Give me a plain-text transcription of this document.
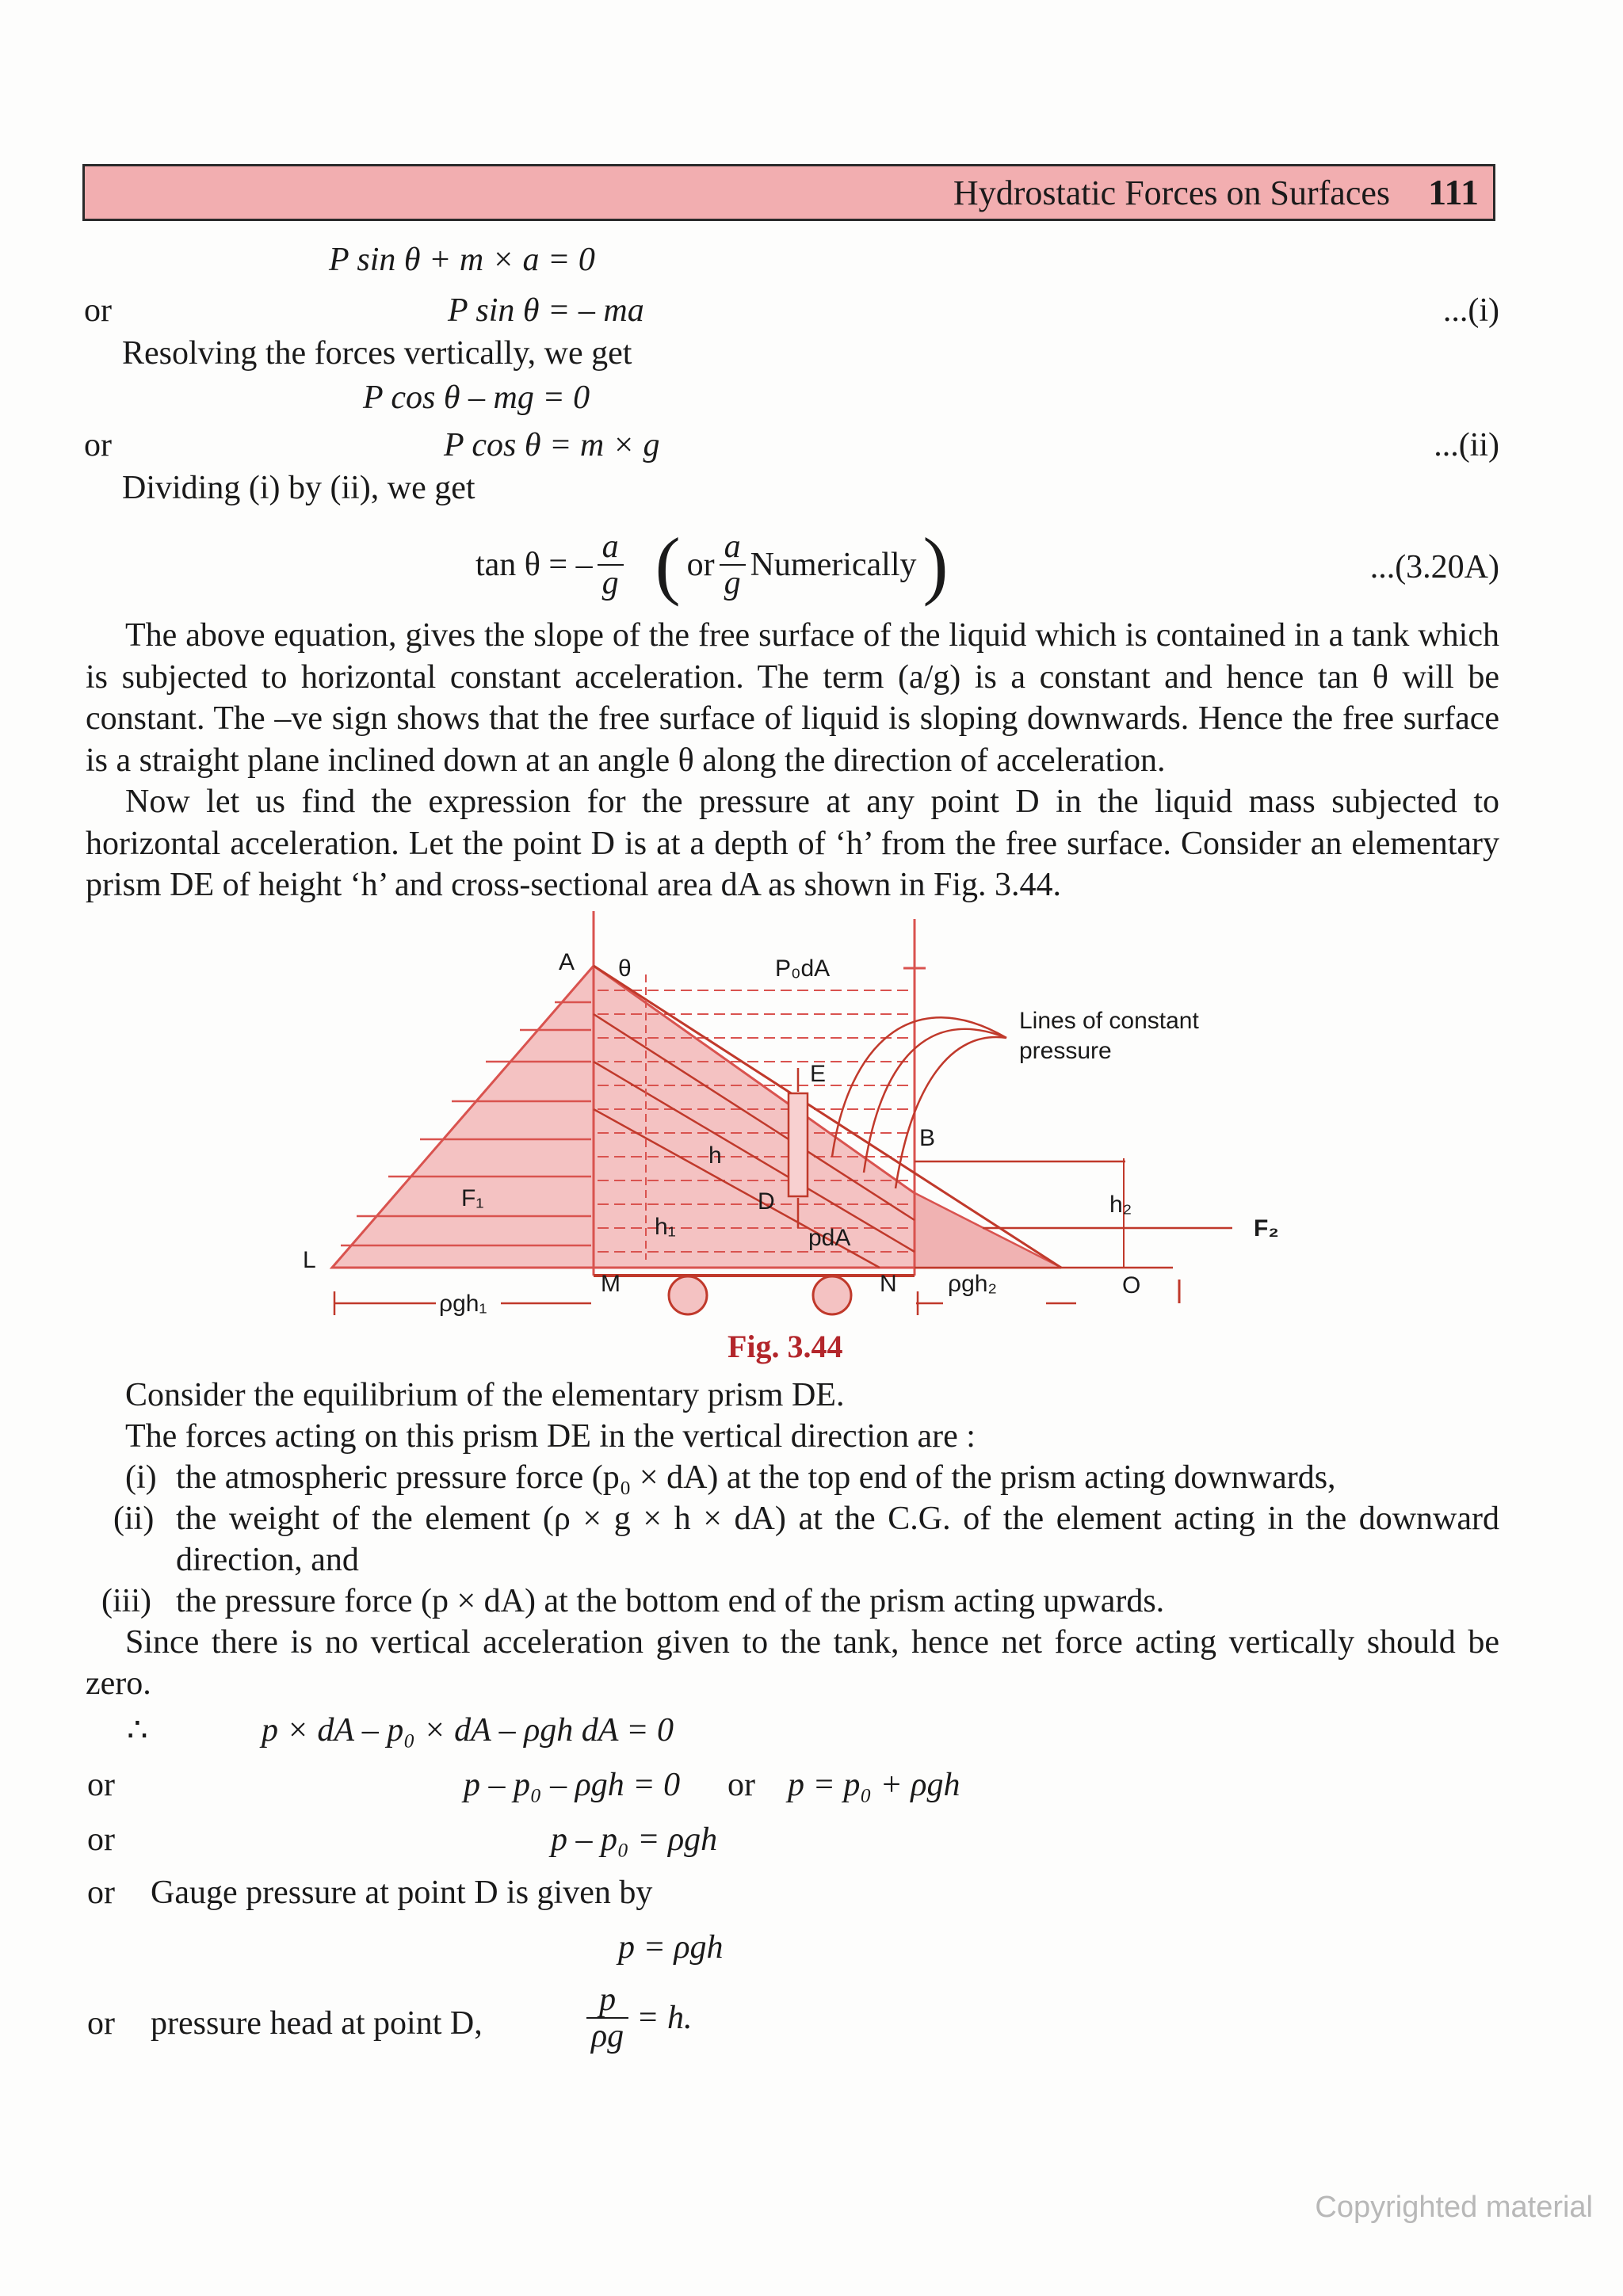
Hydrostatic Forces on Surfaces 111
P sin θ + m × a = 0
or	P sin θ = – ma	...(i)
Resolving the forces vertically, we get
P cos θ – mg = 0
or	P cos θ = m × g	...(ii)
Dividing (i) by (ii), we get
tan θ = – $\frac{a}{g}$ ( or $\frac{a}{g}$ Numerically )	...(3.20A)
The above equation, gives the slope of the free surface of the liquid which is contained in a tank which is subjected to horizontal constant acceleration. The term (a/g) is a constant and hence tan θ will be constant. The –ve sign shows that the free surface of liquid is sloping downwards. Hence the free surface is a straight plane inclined down at an angle θ along the direction of acceleration.
Now let us find the expression for the pressure at any point D in the liquid mass subjected to horizontal acceleration. Let the point D is at a depth of ‘h’ from the free surface. Consider an elementary prism DE of height ‘h’ and cross-sectional area dA as shown in Fig. 3.44.
A θ	P₀dA
Lines of constant
pressure
E
B
h
F₁	D
h₁	pdA
h₂
F₂
L
M	N
ρgh₁
ρgh₂	O
Fig. 3.44
Consider the equilibrium of the elementary prism DE.
The forces acting on this prism DE in the vertical direction are :
(i) the atmospheric pressure force (p₀ × dA) at the top end of the prism acting downwards,
(ii) the weight of the element (ρ × g × h × dA) at the C.G. of the element acting in the downward
direction, and
(iii) the pressure force (p × dA) at the bottom end of the prism acting upwards.
Since there is no vertical acceleration given to the tank, hence net force acting vertically should be
zero.
∴	p × dA – p₀ × dA – ρgh dA = 0
or	p – p₀ – ρgh = 0 or p = p₀ + ρgh
or	p – p₀ = ρgh
or Gauge pressure at point D is given by
p = ρgh
or pressure head at point D,	$\frac{p}{\rho g} = h$.
Copyrighted material
